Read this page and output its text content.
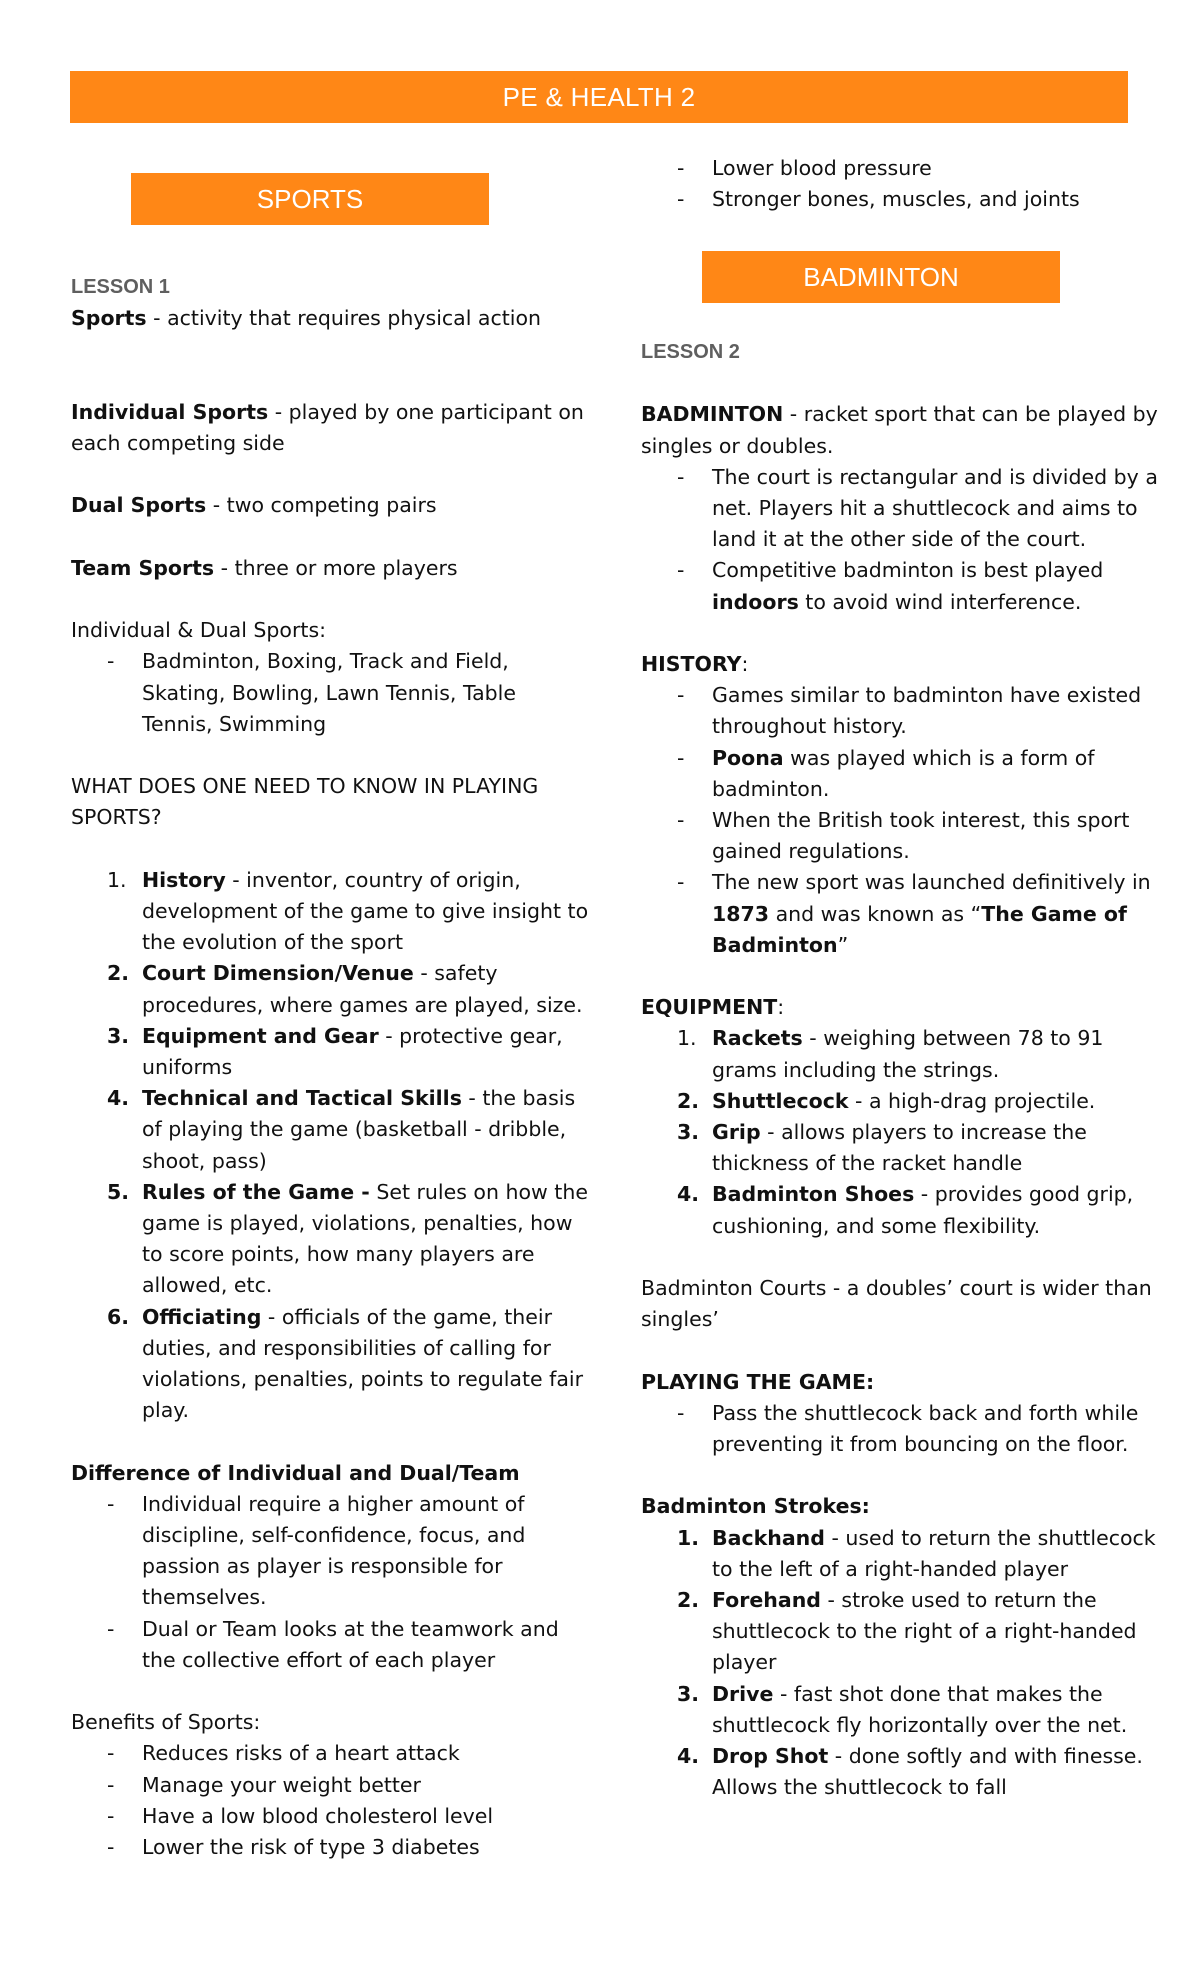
PE & HEALTH 2
SPORTS
BADMINTON

LESSON 1

Sports - activity that requires physical action

Individual Sports - played by one participant on each competing side

Dual Sports - two competing pairs

Team Sports - three or more players

Individual & Dual Sports:

- Badminton, Boxing, Track and Field, Skating, Bowling, Lawn Tennis, Table Tennis, Swimming

WHAT DOES ONE NEED TO KNOW IN PLAYING SPORTS?

1. History - inventor, country of origin, development of the game to give insight to the evolution of the sport
2. Court Dimension/Venue - safety procedures, where games are played, size.
3. Equipment and Gear - protective gear, uniforms
4. Technical and Tactical Skills - the basis of playing the game (basketball - dribble, shoot, pass)
5. Rules of the Game - Set rules on how the game is played, violations, penalties, how to score points, how many players are allowed, etc.
6. Officiating - officials of the game, their duties, and responsibilities of calling for violations, penalties, points to regulate fair play.

Difference of Individual and Dual/Team

- Individual require a higher amount of discipline, self-confidence, focus, and passion as player is responsible for themselves.
- Dual or Team looks at the teamwork and the collective effort of each player

Benefits of Sports:

- Reduces risks of a heart attack
- Manage your weight better
- Have a low blood cholesterol level
- Lower the risk of type 3 diabetes
- Lower blood pressure
- Stronger bones, muscles, and joints

LESSON 2

BADMINTON - racket sport that can be played by singles or doubles.

- The court is rectangular and is divided by a net. Players hit a shuttlecock and aims to land it at the other side of the court.
- Competitive badminton is best played indoors to avoid wind interference.

HISTORY:

- Games similar to badminton have existed throughout history.
- Poona was played which is a form of badminton.
- When the British took interest, this sport gained regulations.
- The new sport was launched definitively in 1873 and was known as “The Game of Badminton”

EQUIPMENT:

1. Rackets - weighing between 78 to 91 grams including the strings.
2. Shuttlecock - a high-drag projectile.
3. Grip - allows players to increase the thickness of the racket handle
4. Badminton Shoes - provides good grip, cushioning, and some flexibility.

Badminton Courts - a doubles’ court is wider than singles’

PLAYING THE GAME:

- Pass the shuttlecock back and forth while preventing it from bouncing on the floor.

Badminton Strokes:

1. Backhand - used to return the shuttlecock to the left of a right-handed player
2. Forehand - stroke used to return the shuttlecock to the right of a right-handed player
3. Drive - fast shot done that makes the shuttlecock fly horizontally over the net.
4. Drop Shot - done softly and with finesse. Allows the shuttlecock to fall
